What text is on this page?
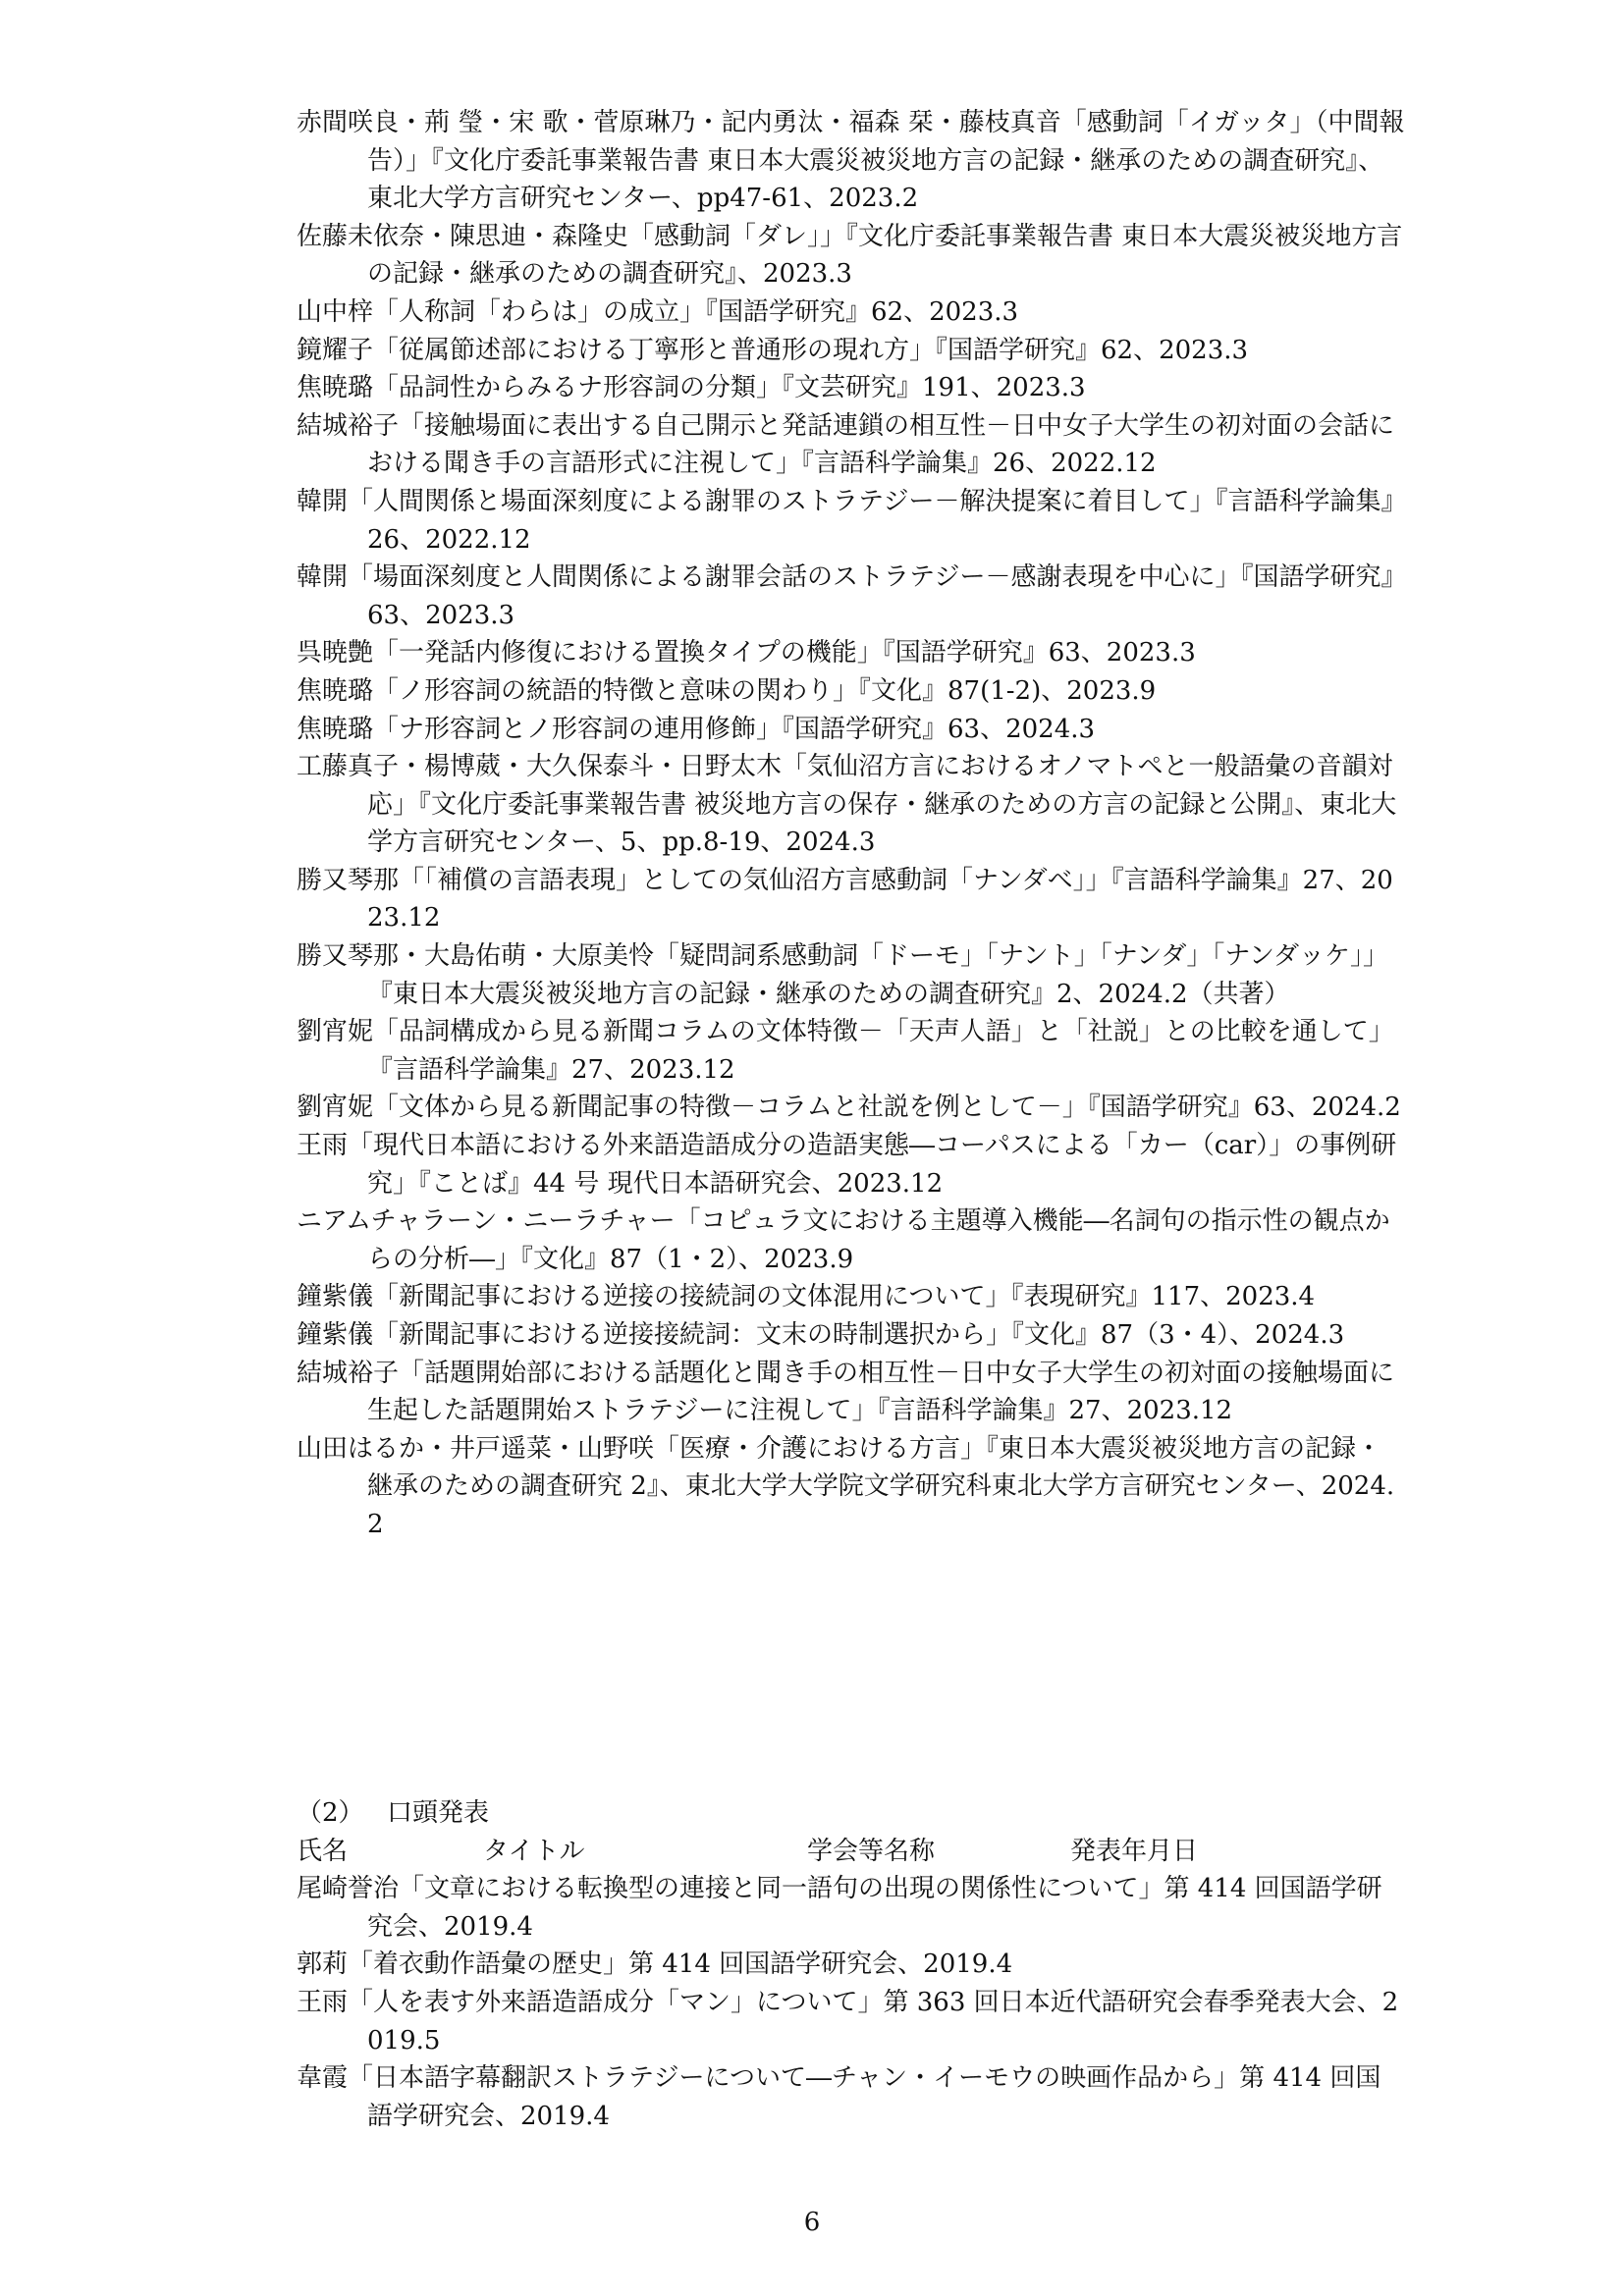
赤間咲良・荊 瑩・宋 歌・菅原琳乃・記内勇汰・福森 栞・藤枝真音「感動詞「イガッタ」（中間報告）」『文化庁委託事業報告書 東日本大震災被災地方言の記録・継承のための調査研究』、東北大学方言研究センター、pp47-61、2023.2

佐藤未依奈・陳思迪・森隆史「感動詞「ダレ」」『文化庁委託事業報告書 東日本大震災被災地方言の記録・継承のための調査研究』、2023.3

山中梓「人称詞「わらは」の成立」『国語学研究』62、2023.3

鏡耀子「従属節述部における丁寧形と普通形の現れ方」『国語学研究』62、2023.3

焦暁璐「品詞性からみるナ形容詞の分類」『文芸研究』191、2023.3

結城裕子「接触場面に表出する自己開示と発話連鎖の相互性－日中女子大学生の初対面の会話における聞き手の言語形式に注視して」『言語科学論集』26、2022.12

韓開「人間関係と場面深刻度による謝罪のストラテジー－解決提案に着目して」『言語科学論集』26、2022.12

韓開「場面深刻度と人間関係による謝罪会話のストラテジー－感謝表現を中心に」『国語学研究』63、2023.3

呉暁艶「一発話内修復における置換タイプの機能」『国語学研究』63、2023.3

焦暁璐「ノ形容詞の統語的特徴と意味の関わり」『文化』87(1-2)、2023.9

焦暁璐「ナ形容詞とノ形容詞の連用修飾」『国語学研究』63、2024.3

工藤真子・楊博葳・大久保泰斗・日野太木「気仙沼方言におけるオノマトペと一般語彙の音韻対応」『文化庁委託事業報告書 被災地方言の保存・継承のための方言の記録と公開』、東北大学方言研究センター、5、pp.8-19、2024.3

勝又琴那「「補償の言語表現」としての気仙沼方言感動詞「ナンダベ」」『言語科学論集』27、2023.12

勝又琴那・大島佑萌・大原美怜「疑問詞系感動詞「ドーモ」「ナント」「ナンダ」「ナンダッケ」」『東日本大震災被災地方言の記録・継承のための調査研究』2、2024.2（共著）

劉宵妮「品詞構成から見る新聞コラムの文体特徴－「天声人語」と「社説」との比較を通して」『言語科学論集』27、2023.12

劉宵妮「文体から見る新聞記事の特徴－コラムと社説を例として－」『国語学研究』63、2024.2

王雨「現代日本語における外来語造語成分の造語実態―コーパスによる「カー（car）」の事例研究」『ことば』44 号 現代日本語研究会、2023.12

ニアムチャラーン・ニーラチャー「コピュラ文における主題導入機能―名詞句の指示性の観点からの分析―」『文化』87（1・2）、2023.9

鐘紫儀「新聞記事における逆接の接続詞の文体混用について」『表現研究』117、2023.4

鐘紫儀「新聞記事における逆接接続詞：文末の時制選択から」『文化』87（3・4）、2024.3

結城裕子「話題開始部における話題化と聞き手の相互性－日中女子大学生の初対面の接触場面に生起した話題開始ストラテジーに注視して」『言語科学論集』27、2023.12

山田はるか・井戸遥菜・山野咲「医療・介護における方言」『東日本大震災被災地方言の記録・継承のための調査研究 2』、東北大学大学院文学研究科東北大学方言研究センター、2024.2

（2） 口頭発表

氏名	タイトル	学会等名称	発表年月日

尾崎誉治「文章における転換型の連接と同一語句の出現の関係性について」第 414 回国語学研究会、2019.4

郭莉「着衣動作語彙の歴史」第 414 回国語学研究会、2019.4

王雨「人を表す外来語造語成分「マン」について」第 363 回日本近代語研究会春季発表大会、2019.5

韋霞「日本語字幕翻訳ストラテジーについて―チャン・イーモウの映画作品から」第 414 回国語学研究会、2019.4

6
